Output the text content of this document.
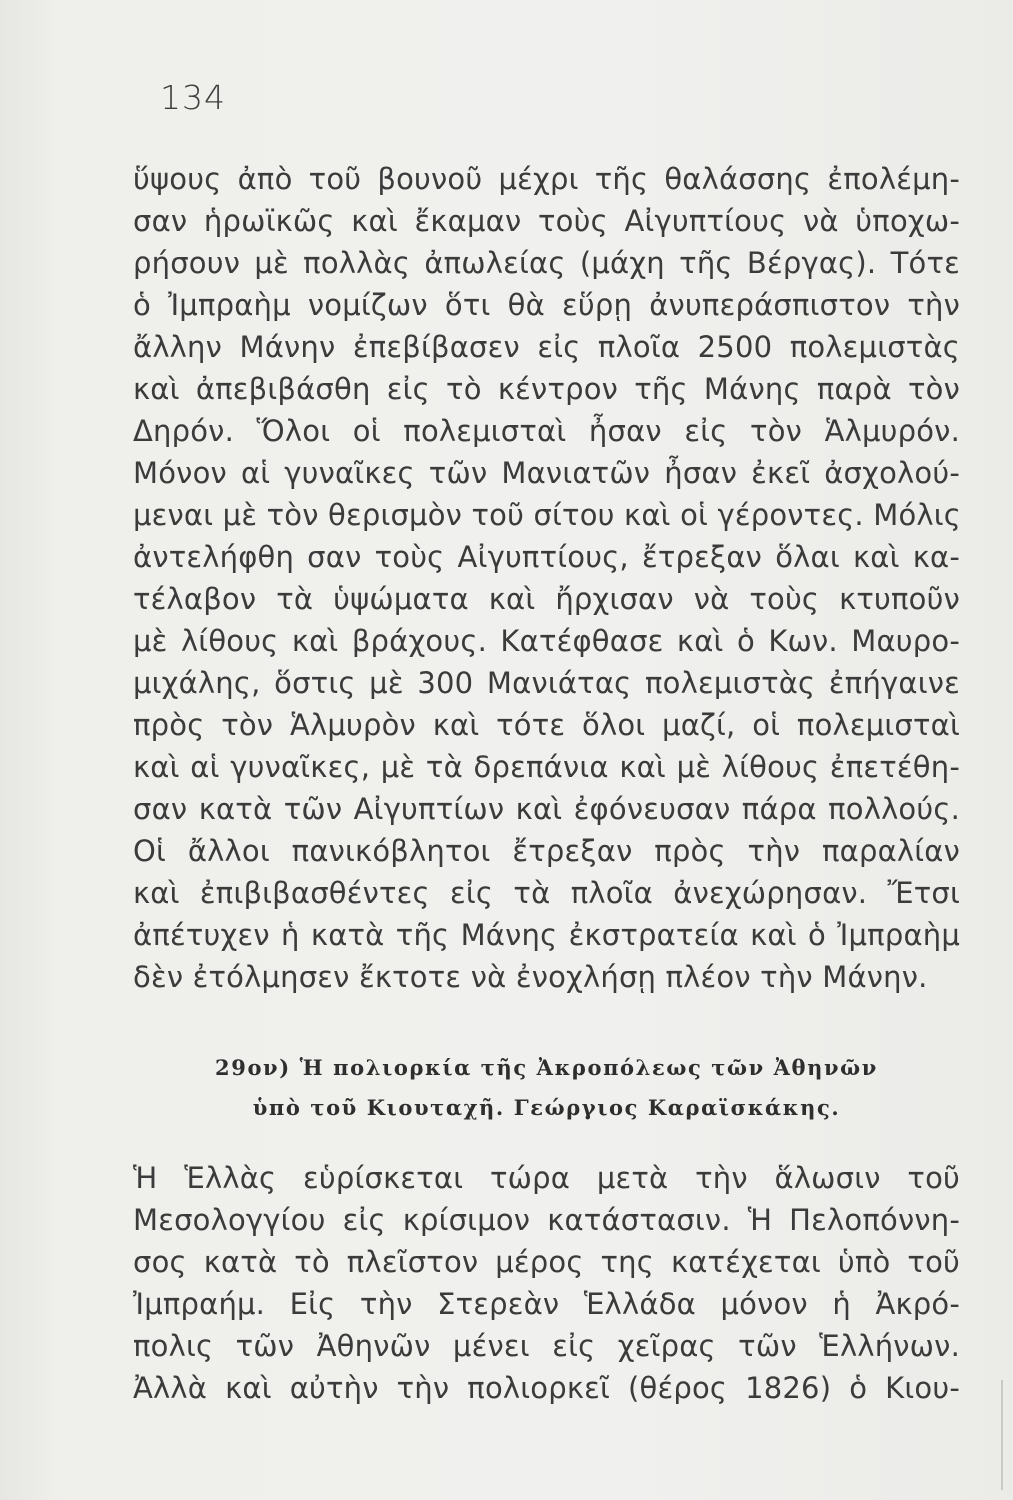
134
ὕψους ἀπὸ τοῦ βουνοῦ μέχρι τῆς θαλάσσης ἐπολέμη-
σαν ἡρωϊκῶς καὶ ἔκαμαν τοὺς Αἰγυπτίους νὰ ὑποχω-
ρήσουν μὲ πολλὰς ἀπωλείας (μάχη τῆς Βέργας). Τότε
ὁ Ἰμπραὴμ νομίζων ὅτι θὰ εὕρῃ ἀνυπεράσπιστον τὴν
ἄλλην Μάνην ἐπεβίβασεν εἰς πλοῖα 2500 πολεμιστὰς
καὶ ἀπεβιβάσθη εἰς τὸ κέντρον τῆς Μάνης παρὰ τὸν
Δηρόν. Ὅλοι οἱ πολεμισταὶ ἦσαν εἰς τὸν Ἁλμυρόν.
Μόνον αἱ γυναῖκες τῶν Μανιατῶν ἦσαν ἐκεῖ ἀσχολού-
μεναι μὲ τὸν θερισμὸν τοῦ σίτου καὶ οἱ γέροντες. Μόλις
ἀντελήφθη σαν τοὺς Αἰγυπτίους, ἔτρεξαν ὅλαι καὶ κα-
τέλαβον τὰ ὑψώματα καὶ ἤρχισαν νὰ τοὺς κτυποῦν
μὲ λίθους καὶ βράχους. Κατέφθασε καὶ ὁ Κων. Μαυρο-
μιχάλης, ὅστις μὲ 300 Μανιάτας πολεμιστὰς ἐπήγαινε
πρὸς τὸν Ἁλμυρὸν καὶ τότε ὅλοι μαζί, οἱ πολεμισταὶ
καὶ αἱ γυναῖκες, μὲ τὰ δρεπάνια καὶ μὲ λίθους ἐπετέθη-
σαν κατὰ τῶν Αἰγυπτίων καὶ ἐφόνευσαν πάρα πολλούς.
Οἱ ἄλλοι πανικόβλητοι ἔτρεξαν πρὸς τὴν παραλίαν
καὶ ἐπιβιβασθέντες εἰς τὰ πλοῖα ἀνεχώρησαν. Ἔτσι
ἀπέτυχεν ἡ κατὰ τῆς Μάνης ἐκστρατεία καὶ ὁ Ἰμπραὴμ
δὲν ἐτόλμησεν ἔκτοτε νὰ ἐνοχλήσῃ πλέον τὴν Μάνην.
29ον) Ἡ πολιορκία τῆς Ἀκροπόλεως τῶν Ἀθηνῶν
ὑπὸ τοῦ Κιουταχῆ. Γεώργιος Καραϊσκάκης.
Ἡ Ἑλλὰς εὑρίσκεται τώρα μετὰ τὴν ἅλωσιν τοῦ
Μεσολογγίου εἰς κρίσιμον κατάστασιν. Ἡ Πελοπόννη-
σος κατὰ τὸ πλεῖστον μέρος της κατέχεται ὑπὸ τοῦ
Ἰμπραήμ. Εἰς τὴν Στερεὰν Ἑλλάδα μόνον ἡ Ἀκρό-
πολις τῶν Ἀθηνῶν μένει εἰς χεῖρας τῶν Ἑλλήνων.
Ἀλλὰ καὶ αὐτὴν τὴν πολιορκεῖ (θέρος 1826) ὁ Κιου-
